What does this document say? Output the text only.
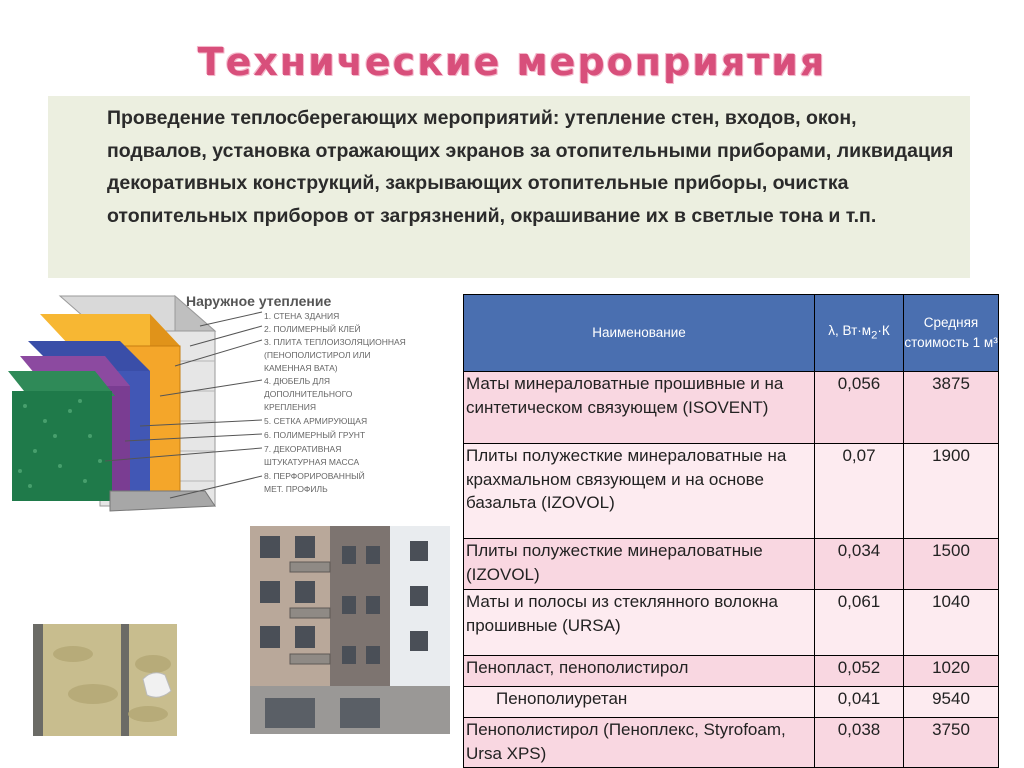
Технические мероприятия

Проведение теплосберегающих мероприятий: утепление стен, входов, окон, подвалов, установка отражающих экранов за отопительными приборами, ликвидация декоративных конструкций, закрывающих отопительные приборы, очистка отопительных приборов от загрязнений, окрашивание их в светлые тона и т.п.

Наружное утепление
1. СТЕНА ЗДАНИЯ
2. ПОЛИМЕРНЫЙ КЛЕЙ
3. ПЛИТА ТЕПЛОИЗОЛЯЦИОННАЯ
(ПЕНОПОЛИСТИРОЛ ИЛИ
КАМЕННАЯ ВАТА)
4. ДЮБЕЛЬ ДЛЯ
ДОПОЛНИТЕЛЬНОГО
КРЕПЛЕНИЯ
5. СЕТКА АРМИРУЮЩАЯ
6. ПОЛИМЕРНЫЙ ГРУНТ
7. ДЕКОРАТИВНАЯ
ШТУКАТУРНАЯ МАССА
8. ПЕРФОРИРОВАННЫЙ
МЕТ. ПРОФИЛЬ
Наименование	λ, $Вт\cdot м_2\cdot К$	Средняя стоимость 1 м³
Маты минераловатные прошивные и на синтетическом связующем (ISOVENT)	0,056	3875
Плиты полужесткие минераловатные на крахмальном связующем и на основе базальта (IZOVOL)	0,07	1900
Плиты полужесткие минераловатные (IZOVOL)	0,034	1500
Маты и полосы из стеклянного волокна прошивные (URSA)	0,061	1040
Пенопласт, пенополистирол	0,052	1020
Пенополиуретан	0,041	9540
Пенополистирол (Пеноплекс, Styrofoam, Ursa XPS)	0,038	3750
